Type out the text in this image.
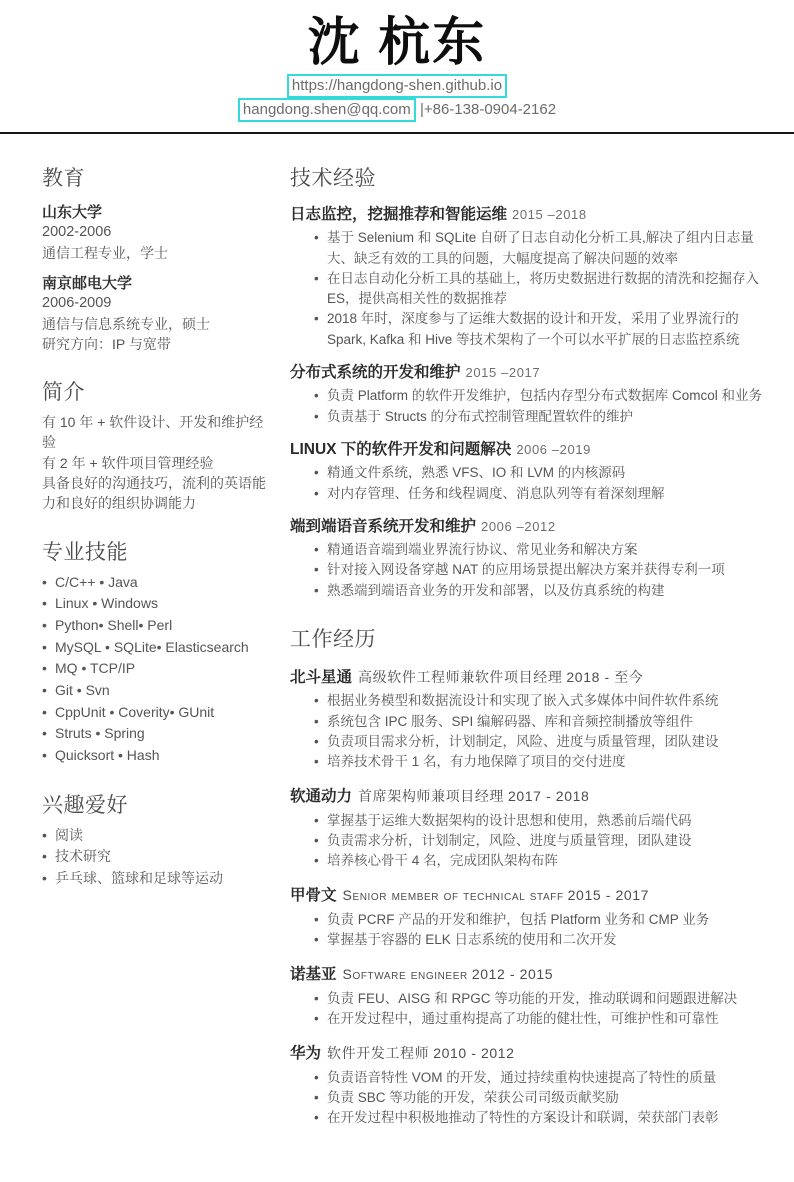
沈 杭东
https://hangdong-shen.github.io
hangdong.shen@qq.com |+86-138-0904-2162
教育
山东大学
2002-2006
通信工程专业，学士
南京邮电大学
2006-2009
通信与信息系统专业，硕士
研究方向：IP 与宽带
简介
有 10 年 + 软件设计、开发和维护经验
有 2 年 + 软件项目管理经验
具备良好的沟通技巧，流利的英语能力和良好的组织协调能力
专业技能
• C/C++ • Java
• Linux • Windows
• Python• Shell• Perl
• MySQL • SQLite• Elasticsearch
• MQ • TCP/IP
• Git • Svn
• CppUnit • Coverity• GUnit
• Struts • Spring
• Quicksort • Hash
兴趣爱好
• 阅读
• 技术研究
• 乒乓球、篮球和足球等运动
技术经验
日志监控，挖掘推荐和智能运维 2015 –2018
• 基于 Selenium 和 SQLite 自研了日志自动化分析工具,解决了组内日志量大、缺乏有效的工具的问题，大幅度提高了解决问题的效率
• 在日志自动化分析工具的基础上，将历史数据进行数据的清洗和挖掘存入 ES，提供高相关性的数据推荐
• 2018 年时，深度参与了运维大数据的设计和开发，采用了业界流行的 Spark, Kafka 和 Hive 等技术架构了一个可以水平扩展的日志监控系统
分布式系统的开发和维护 2015 –2017
• 负责 Platform 的软件开发维护，包括内存型分布式数据库 Comcol 和业务
• 负责基于 Structs 的分布式控制管理配置软件的维护
LINUX 下的软件开发和问题解决 2006 –2019
• 精通文件系统，熟悉 VFS、IO 和 LVM 的内核源码
• 对内存管理、任务和线程调度、消息队列等有着深刻理解
端到端语音系统开发和维护 2006 –2012
• 精通语音端到端业界流行协议、常见业务和解决方案
• 针对接入网设备穿越 NAT 的应用场景提出解决方案并获得专利一项
• 熟悉端到端语音业务的开发和部署，以及仿真系统的构建
工作经历
北斗星通 高级软件工程师兼软件项目经理 2018 - 至今
• 根据业务模型和数据流设计和实现了嵌入式多媒体中间件软件系统
• 系统包含 IPC 服务、SPI 编解码器、库和音频控制播放等组件
• 负责项目需求分析，计划制定，风险、进度与质量管理，团队建设
• 培养技术骨干 1 名，有力地保障了项目的交付进度
软通动力 首席架构师兼项目经理 2017 - 2018
• 掌握基于运维大数据架构的设计思想和使用，熟悉前后端代码
• 负责需求分析，计划制定，风险、进度与质量管理，团队建设
• 培养核心骨干 4 名，完成团队架构布阵
甲骨文 Senior member of technical staff 2015 - 2017
• 负责 PCRF 产品的开发和维护，包括 Platform 业务和 CMP 业务
• 掌握基于容器的 ELK 日志系统的使用和二次开发
诺基亚 Software engineer 2012 - 2015
• 负责 FEU、AISG 和 RPGC 等功能的开发，推动联调和问题跟进解决
• 在开发过程中，通过重构提高了功能的健壮性，可维护性和可靠性
华为 软件开发工程师 2010 - 2012
• 负责语音特性 VOM 的开发，通过持续重构快速提高了特性的质量
• 负责 SBC 等功能的开发，荣获公司司级贡献奖励
• 在开发过程中积极地推动了特性的方案设计和联调，荣获部门表彰
